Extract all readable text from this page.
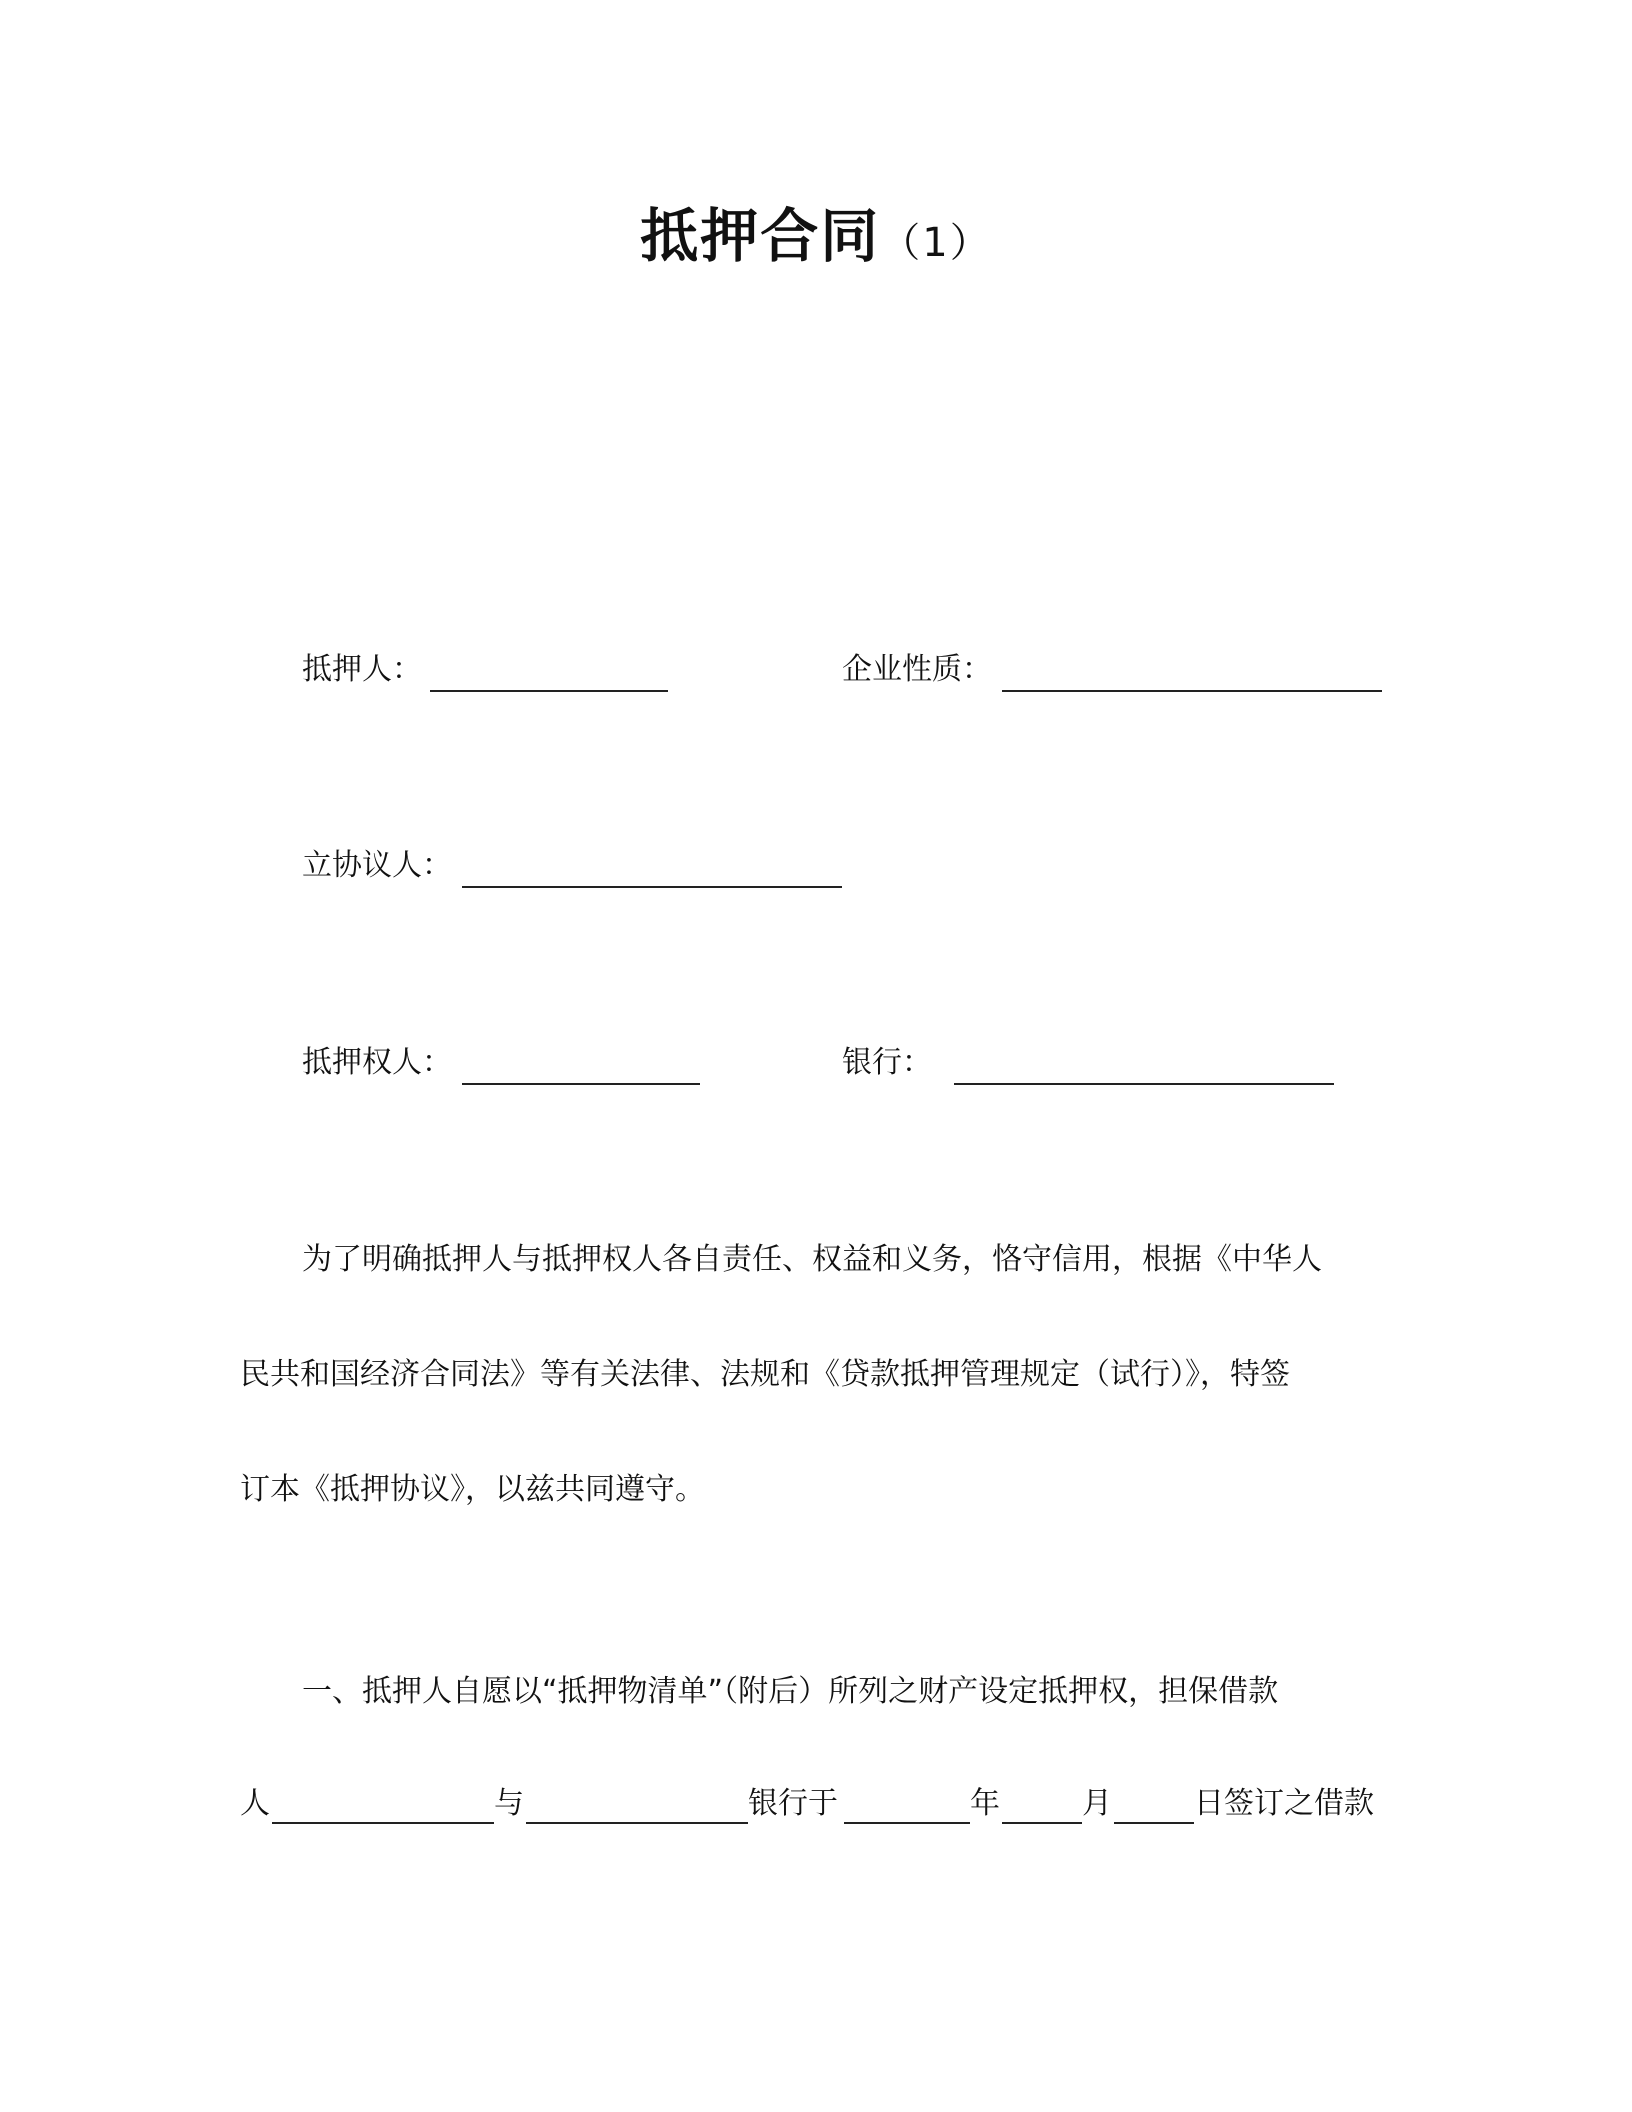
抵押合同（1）
抵押人：	企业性质：
立协议人：
抵押权人：	银行：
为了明确抵押人与抵押权人各自责任、权益和义务，恪守信用，根据《中华人
民共和国经济合同法》等有关法律、法规和《贷款抵押管理规定（试行）》，特签
订本《抵押协议》，以兹共同遵守。
一、抵押人自愿以“抵押物清单”（附后）所列之财产设定抵押权，担保借款
人	与	银行于	年	月	日签订之借款
